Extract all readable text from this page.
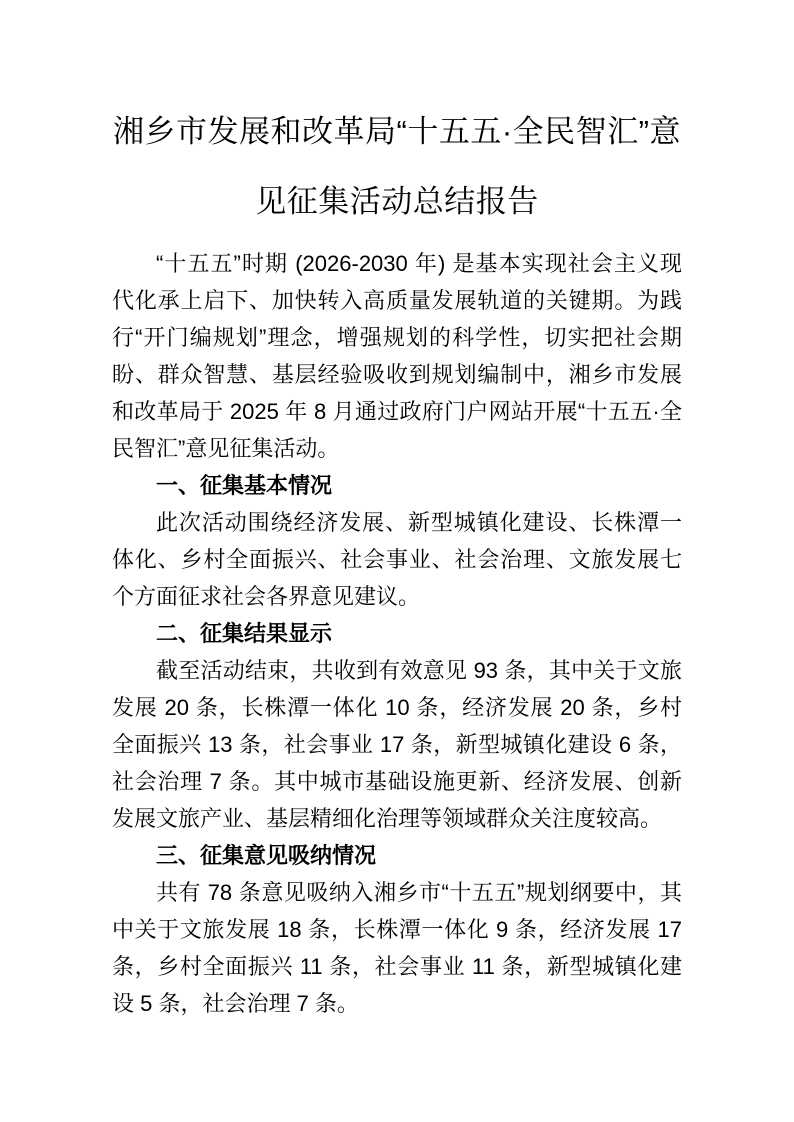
湘乡市发展和改革局“十五五·全民智汇”意
见征集活动总结报告

“十五五”时期 (2026-2030 年) 是基本实现社会主义现代化承上启下、加快转入高质量发展轨道的关键期。为践行“开门编规划”理念，增强规划的科学性，切实把社会期盼、群众智慧、基层经验吸收到规划编制中，湘乡市发展和改革局于 2025 年 8 月通过政府门户网站开展“十五五·全民智汇”意见征集活动。

一、征集基本情况

此次活动围绕经济发展、新型城镇化建设、长株潭一体化、乡村全面振兴、社会事业、社会治理、文旅发展七个方面征求社会各界意见建议。

二、征集结果显示

截至活动结束，共收到有效意见 93 条，其中关于文旅发展 20 条，长株潭一体化 10 条，经济发展 20 条，乡村全面振兴 13 条，社会事业 17 条，新型城镇化建设 6 条，社会治理 7 条。其中城市基础设施更新、经济发展、创新发展文旅产业、基层精细化治理等领域群众关注度较高。

三、征集意见吸纳情况

共有 78 条意见吸纳入湘乡市“十五五”规划纲要中，其中关于文旅发展 18 条，长株潭一体化 9 条，经济发展 17 条，乡村全面振兴 11 条，社会事业 11 条，新型城镇化建设 5 条，社会治理 7 条。
